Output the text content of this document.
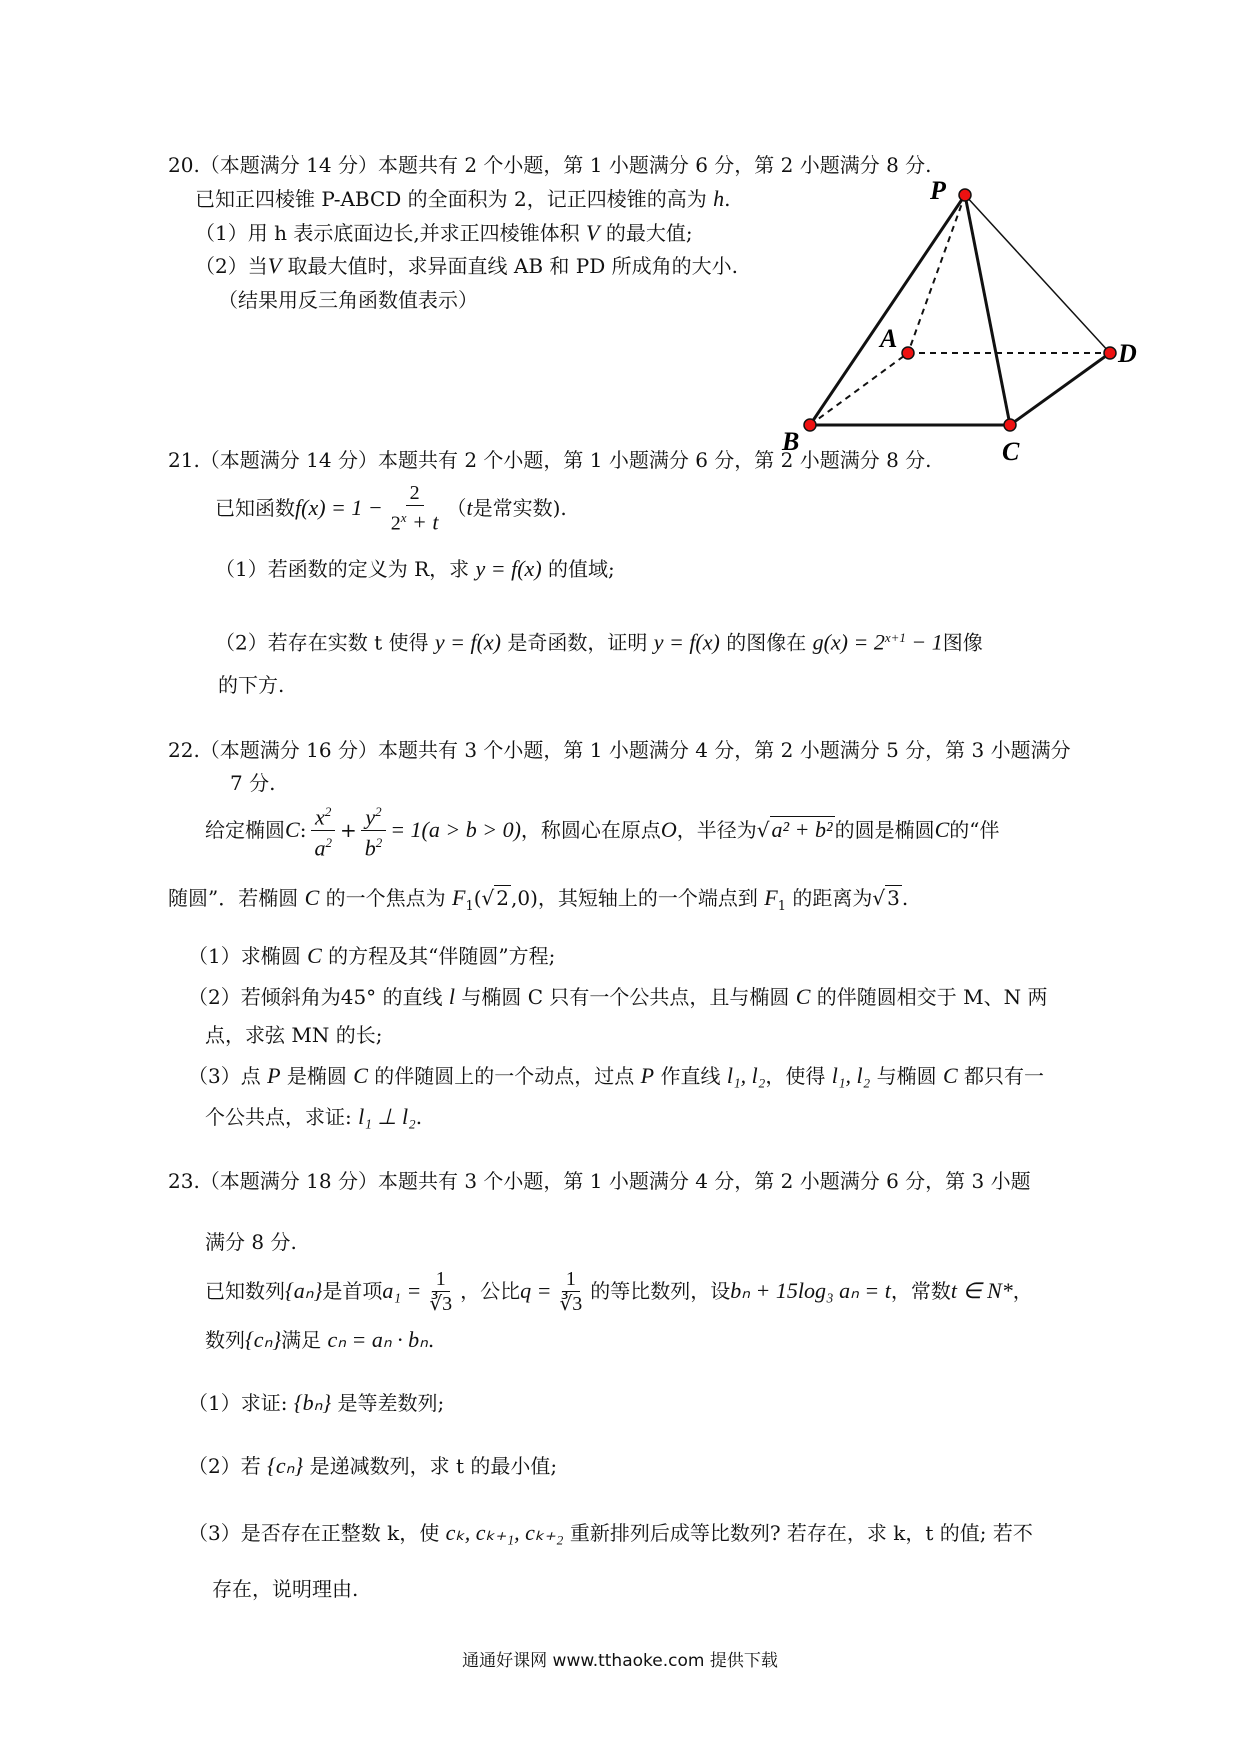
20.（本题满分 14 分）本题共有 2 个小题，第 1 小题满分 6 分，第 2 小题满分 8 分.
已知正四棱锥 P-ABCD 的全面积为 2，记正四棱锥的高为 h.
（1）用 h 表示底面边长,并求正四棱锥体积 V 的最大值;
（2）当V 取最大值时，求异面直线 AB 和 PD 所成角的大小.
（结果用反三角函数值表示）
P
A
B	C
D
21.（本题满分 14 分）本题共有 2 个小题，第 1 小题满分 6 分，第 2 小题满分 8 分.
已知函数 $f(x) = 1 - \frac{2}{2^x + t}$ （ t 是常实数).
（1）若函数的定义为 R，求 y = f(x) 的值域;
（2）若存在实数 t 使得 y = f(x) 是奇函数，证明 y = f(x) 的图像在 $g(x) = 2^{x+1} - 1$图像
的下方.
22.（本题满分 16 分）本题共有 3 个小题，第 1 小题满分 4 分，第 2 小题满分 5 分，第 3 小题满分
7 分.
给定椭圆 C : $\frac{x^2}{a^2} + \frac{y^2}{b^2} = 1(a > b > 0)$ ，称圆心在原点 O ，半径为 √a² + b² 的圆是椭圆 C 的“伴
随圆”．若椭圆 C 的一个焦点为 $F_1(√$ 2 ,0)，其短轴上的一个端点到 $F_1$ 的距离为√ 3 .
（1）求椭圆 C 的方程及其“伴随圆”方程;
（2）若倾斜角为45° 的直线 l 与椭圆 C 只有一个公共点，且与椭圆 C 的伴随圆相交于 M、N 两
点，求弦 MN 的长;
（3）点 P 是椭圆 C 的伴随圆上的一个动点，过点 P 作直线 l₁, l₂，使得 l₁, l₂ 与椭圆 C 都只有一
个公共点，求证: l₁ ⊥ l₂.
23.（本题满分 18 分）本题共有 3 个小题，第 1 小题满分 4 分，第 2 小题满分 6 分，第 3 小题
满分 8 分.
已知数列 {aₙ} 是首项 $a_1 = \frac{1}{∛3}$ ，公比 $q = \frac{1}{∛3}$ 的等比数列，设 bₙ + 15log₃ aₙ = t ，常数 t ∈ N* ，
数列{cₙ}满足 cₙ = aₙ · bₙ.
（1）求证: {bₙ} 是等差数列;
（2）若 {cₙ} 是递减数列，求 t 的最小值;
（3）是否存在正整数 k，使 cₖ, cₖ₊₁, cₖ₊₂ 重新排列后成等比数列? 若存在，求 k，t 的值; 若不
存在，说明理由.
通通好课网 www.tthaoke.com 提供下载
